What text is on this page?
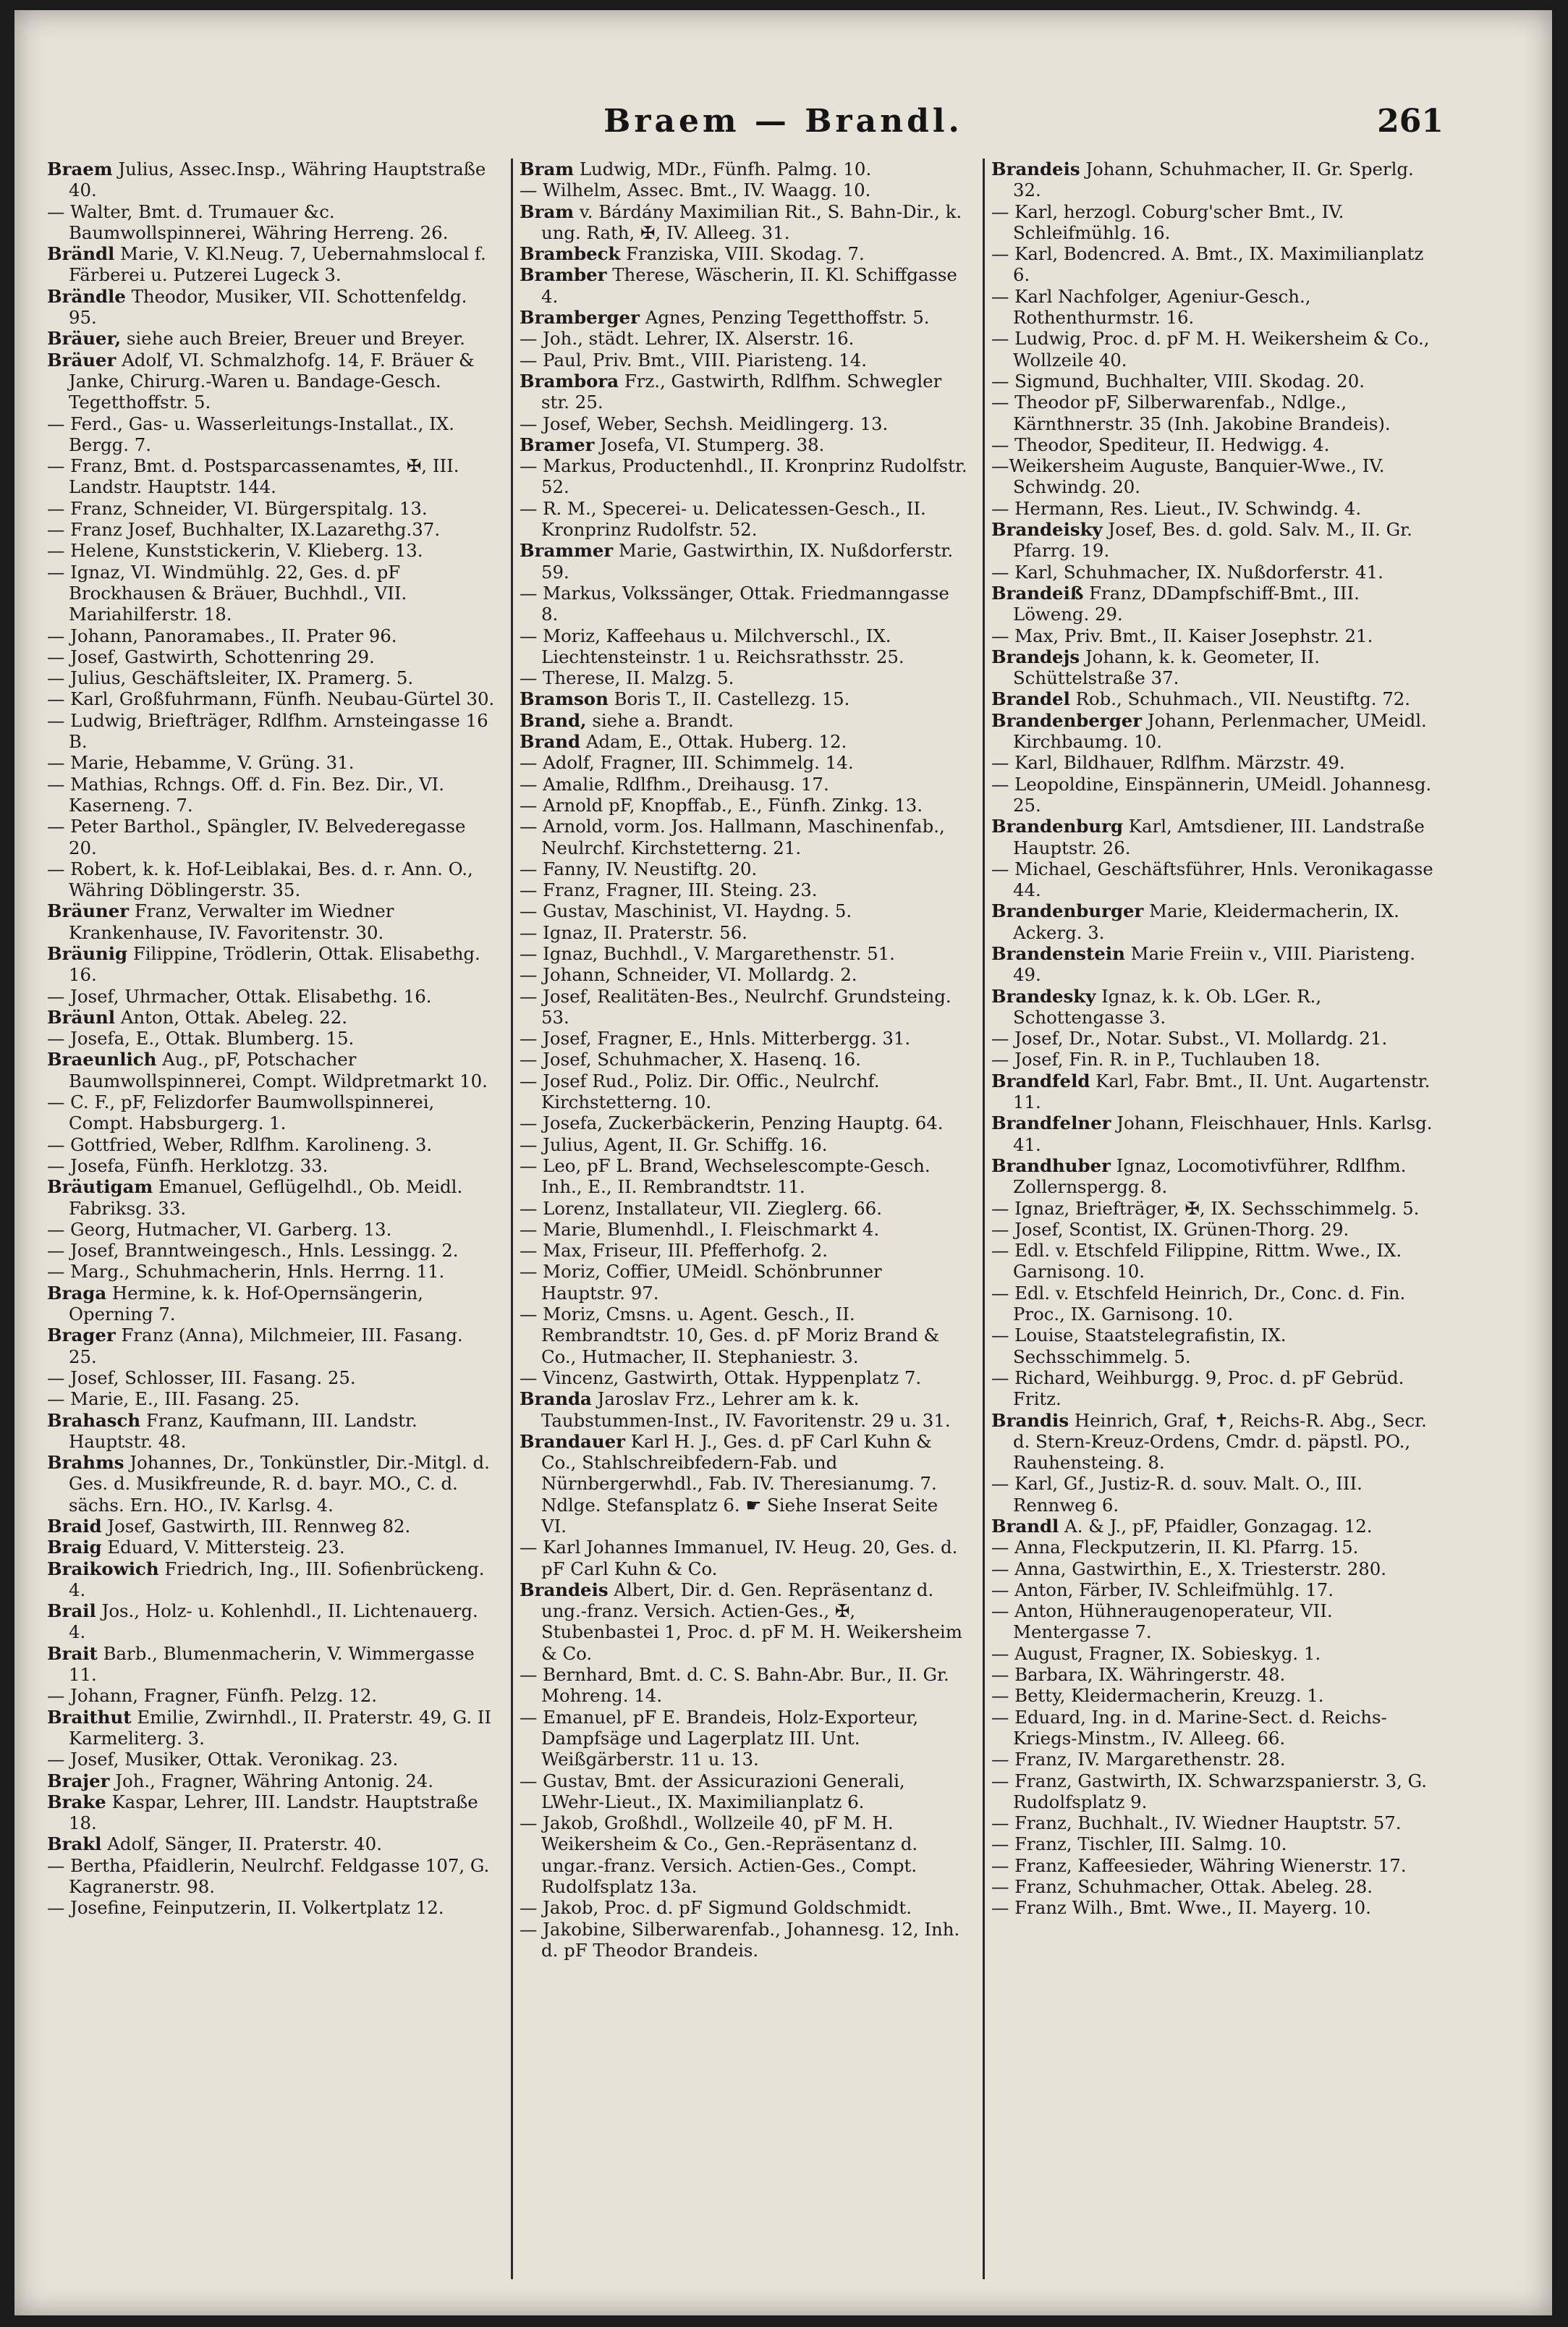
Braem — Brandl.	261

Braem Julius, Assec.Insp., Währing Hauptstraße 40.

— Walter, Bmt. d. Trumauer &c. Baumwollspinnerei, Währing Herreng. 26.

Brändl Marie, V. Kl.Neug. 7, Uebernahmslocal f. Färberei u. Putzerei Lugeck 3.

Brändle Theodor, Musiker, VII. Schottenfeldg. 95.

Bräuer, siehe auch Breier, Breuer und Breyer.

Bräuer Adolf, VI. Schmalzhofg. 14, F. Bräuer & Janke, Chirurg.-Waren u. Bandage-Gesch. Tegetthoffstr. 5.

— Ferd., Gas- u. Wasserleitungs-Installat., IX. Bergg. 7.

— Franz, Bmt. d. Postsparcassenamtes, ✠, III. Landstr. Hauptstr. 144.

— Franz, Schneider, VI. Bürgerspitalg. 13.

— Franz Josef, Buchhalter, IX.Lazarethg.37.

— Helene, Kunststickerin, V. Klieberg. 13.

— Ignaz, VI. Windmühlg. 22, Ges. d. pF Brockhausen & Bräuer, Buchhdl., VII. Mariahilferstr. 18.

— Johann, Panoramabes., II. Prater 96.

— Josef, Gastwirth, Schottenring 29.

— Julius, Geschäftsleiter, IX. Pramerg. 5.

— Karl, Großfuhrmann, Fünfh. Neubau-Gürtel 30.

— Ludwig, Briefträger, Rdlfhm. Arnsteingasse 16 B.

— Marie, Hebamme, V. Grüng. 31.

— Mathias, Rchngs. Off. d. Fin. Bez. Dir., VI. Kaserneng. 7.

— Peter Barthol., Spängler, IV. Belvederegasse 20.

— Robert, k. k. Hof-Leiblakai, Bes. d. r. Ann. O., Währing Döblingerstr. 35.

Bräuner Franz, Verwalter im Wiedner Krankenhause, IV. Favoritenstr. 30.

Bräunig Filippine, Trödlerin, Ottak. Elisabethg. 16.

— Josef, Uhrmacher, Ottak. Elisabethg. 16.

Bräunl Anton, Ottak. Abeleg. 22.

— Josefa, E., Ottak. Blumberg. 15.

Braeunlich Aug., pF, Potschacher Baumwollspinnerei, Compt. Wildpretmarkt 10.

— C. F., pF, Felizdorfer Baumwollspinnerei, Compt. Habsburgerg. 1.

— Gottfried, Weber, Rdlfhm. Karolineng. 3.

— Josefa, Fünfh. Herklotzg. 33.

Bräutigam Emanuel, Geflügelhdl., Ob. Meidl. Fabriksg. 33.

— Georg, Hutmacher, VI. Garberg. 13.

— Josef, Branntweingesch., Hnls. Lessingg. 2.

— Marg., Schuhmacherin, Hnls. Herrng. 11.

Braga Hermine, k. k. Hof-Opernsängerin, Operning 7.

Brager Franz (Anna), Milchmeier, III. Fasang. 25.

— Josef, Schlosser, III. Fasang. 25.

— Marie, E., III. Fasang. 25.

Brahasch Franz, Kaufmann, III. Landstr. Hauptstr. 48.

Brahms Johannes, Dr., Tonkünstler, Dir.-Mitgl. d. Ges. d. Musikfreunde, R. d. bayr. MO., C. d. sächs. Ern. HO., IV. Karlsg. 4.

Braid Josef, Gastwirth, III. Rennweg 82.

Braig Eduard, V. Mittersteig. 23.

Braikowich Friedrich, Ing., III. Sofienbrückeng. 4.

Brail Jos., Holz- u. Kohlenhdl., II. Lichtenauerg. 4.

Brait Barb., Blumenmacherin, V. Wimmergasse 11.

— Johann, Fragner, Fünfh. Pelzg. 12.

Braithut Emilie, Zwirnhdl., II. Praterstr. 49, G. II Karmeliterg. 3.

— Josef, Musiker, Ottak. Veronikag. 23.

Brajer Joh., Fragner, Währing Antonig. 24.

Brake Kaspar, Lehrer, III. Landstr. Hauptstraße 18.

Brakl Adolf, Sänger, II. Praterstr. 40.

— Bertha, Pfaidlerin, Neulrchf. Feldgasse 107, G. Kagranerstr. 98.

— Josefine, Feinputzerin, II. Volkertplatz 12.

Bram Ludwig, MDr., Fünfh. Palmg. 10.

— Wilhelm, Assec. Bmt., IV. Waagg. 10.

Bram v. Bárdány Maximilian Rit., S. Bahn-Dir., k. ung. Rath, ✠, IV. Alleeg. 31.

Brambeck Franziska, VIII. Skodag. 7.

Bramber Therese, Wäscherin, II. Kl. Schiffgasse 4.

Bramberger Agnes, Penzing Tegetthoffstr. 5.

— Joh., städt. Lehrer, IX. Alserstr. 16.

— Paul, Priv. Bmt., VIII. Piaristeng. 14.

Brambora Frz., Gastwirth, Rdlfhm. Schwegler str. 25.

— Josef, Weber, Sechsh. Meidlingerg. 13.

Bramer Josefa, VI. Stumperg. 38.

— Markus, Productenhdl., II. Kronprinz Rudolfstr. 52.

— R. M., Specerei- u. Delicatessen-Gesch., II. Kronprinz Rudolfstr. 52.

Brammer Marie, Gastwirthin, IX. Nußdorferstr. 59.

— Markus, Volkssänger, Ottak. Friedmanngasse 8.

— Moriz, Kaffeehaus u. Milchverschl., IX. Liechtensteinstr. 1 u. Reichsrathsstr. 25.

— Therese, II. Malzg. 5.

Bramson Boris T., II. Castellezg. 15.

Brand, siehe a. Brandt.

Brand Adam, E., Ottak. Huberg. 12.

— Adolf, Fragner, III. Schimmelg. 14.

— Amalie, Rdlfhm., Dreihausg. 17.

— Arnold pF, Knopffab., E., Fünfh. Zinkg. 13.

— Arnold, vorm. Jos. Hallmann, Maschinenfab., Neulrchf. Kirchstetterng. 21.

— Fanny, IV. Neustiftg. 20.

— Franz, Fragner, III. Steing. 23.

— Gustav, Maschinist, VI. Haydng. 5.

— Ignaz, II. Praterstr. 56.

— Ignaz, Buchhdl., V. Margarethenstr. 51.

— Johann, Schneider, VI. Mollardg. 2.

— Josef, Realitäten-Bes., Neulrchf. Grundsteing. 53.

— Josef, Fragner, E., Hnls. Mitterbergg. 31.

— Josef, Schuhmacher, X. Hasenq. 16.

— Josef Rud., Poliz. Dir. Offic., Neulrchf. Kirchstetterng. 10.

— Josefa, Zuckerbäckerin, Penzing Hauptg. 64.

— Julius, Agent, II. Gr. Schiffg. 16.

— Leo, pF L. Brand, Wechselescompte-Gesch. Inh., E., II. Rembrandtstr. 11.

— Lorenz, Installateur, VII. Zieglerg. 66.

— Marie, Blumenhdl., I. Fleischmarkt 4.

— Max, Friseur, III. Pfefferhofg. 2.

— Moriz, Coffier, UMeidl. Schönbrunner Hauptstr. 97.

— Moriz, Cmsns. u. Agent. Gesch., II. Rembrandtstr. 10, Ges. d. pF Moriz Brand & Co., Hutmacher, II. Stephaniestr. 3.

— Vincenz, Gastwirth, Ottak. Hyppenplatz 7.

Branda Jaroslav Frz., Lehrer am k. k. Taubstummen-Inst., IV. Favoritenstr. 29 u. 31.

Brandauer Karl H. J., Ges. d. pF Carl Kuhn & Co., Stahlschreibfedern-Fab. und Nürnbergerwhdl., Fab. IV. Theresianumg. 7. Ndlge. Stefansplatz 6. ☛ Siehe Inserat Seite VI.

— Karl Johannes Immanuel, IV. Heug. 20, Ges. d. pF Carl Kuhn & Co.

Brandeis Albert, Dir. d. Gen. Repräsentanz d. ung.-franz. Versich. Actien-Ges., ✠, Stubenbastei 1, Proc. d. pF M. H. Weikersheim & Co.

— Bernhard, Bmt. d. C. S. Bahn-Abr. Bur., II. Gr. Mohreng. 14.

— Emanuel, pF E. Brandeis, Holz-Exporteur, Dampfsäge und Lagerplatz III. Unt. Weißgärberstr. 11 u. 13.

— Gustav, Bmt. der Assicurazioni Generali, LWehr-Lieut., IX. Maximilianplatz 6.

— Jakob, Großhdl., Wollzeile 40, pF M. H. Weikersheim & Co., Gen.-Repräsentanz d. ungar.-franz. Versich. Actien-Ges., Compt. Rudolfsplatz 13a.

— Jakob, Proc. d. pF Sigmund Goldschmidt.

— Jakobine, Silberwarenfab., Johannesg. 12, Inh. d. pF Theodor Brandeis.

Brandeis Johann, Schuhmacher, II. Gr. Sperlg. 32.

— Karl, herzogl. Coburg'scher Bmt., IV. Schleifmühlg. 16.

— Karl, Bodencred. A. Bmt., IX. Maximilianplatz 6.

— Karl Nachfolger, Ageniur-Gesch., Rothenthurmstr. 16.

— Ludwig, Proc. d. pF M. H. Weikersheim & Co., Wollzeile 40.

— Sigmund, Buchhalter, VIII. Skodag. 20.

— Theodor pF, Silberwarenfab., Ndlge., Kärnthnerstr. 35 (Inh. Jakobine Brandeis).

— Theodor, Spediteur, II. Hedwigg. 4.

—Weikersheim Auguste, Banquier-Wwe., IV. Schwindg. 20.

— Hermann, Res. Lieut., IV. Schwindg. 4.

Brandeisky Josef, Bes. d. gold. Salv. M., II. Gr. Pfarrg. 19.

— Karl, Schuhmacher, IX. Nußdorferstr. 41.

Brandeiß Franz, DDampfschiff-Bmt., III. Löweng. 29.

— Max, Priv. Bmt., II. Kaiser Josephstr. 21.

Brandejs Johann, k. k. Geometer, II. Schüttelstraße 37.

Brandel Rob., Schuhmach., VII. Neustiftg. 72.

Brandenberger Johann, Perlenmacher, UMeidl. Kirchbaumg. 10.

— Karl, Bildhauer, Rdlfhm. Märzstr. 49.

— Leopoldine, Einspännerin, UMeidl. Johannesg. 25.

Brandenburg Karl, Amtsdiener, III. Landstraße Hauptstr. 26.

— Michael, Geschäftsführer, Hnls. Veronikagasse 44.

Brandenburger Marie, Kleidermacherin, IX. Ackerg. 3.

Brandenstein Marie Freiin v., VIII. Piaristeng. 49.

Brandesky Ignaz, k. k. Ob. LGer. R., Schottengasse 3.

— Josef, Dr., Notar. Subst., VI. Mollardg. 21.

— Josef, Fin. R. in P., Tuchlauben 18.

Brandfeld Karl, Fabr. Bmt., II. Unt. Augartenstr. 11.

Brandfelner Johann, Fleischhauer, Hnls. Karlsg. 41.

Brandhuber Ignaz, Locomotivführer, Rdlfhm. Zollernspergg. 8.

— Ignaz, Briefträger, ✠, IX. Sechsschimmelg. 5.

— Josef, Scontist, IX. Grünen-Thorg. 29.

— Edl. v. Etschfeld Filippine, Rittm. Wwe., IX. Garnisong. 10.

— Edl. v. Etschfeld Heinrich, Dr., Conc. d. Fin. Proc., IX. Garnisong. 10.

— Louise, Staatstelegrafistin, IX. Sechsschimmelg. 5.

— Richard, Weihburgg. 9, Proc. d. pF Gebrüd. Fritz.

Brandis Heinrich, Graf, ✝, Reichs-R. Abg., Secr. d. Stern-Kreuz-Ordens, Cmdr. d. päpstl. PO., Rauhensteing. 8.

— Karl, Gf., Justiz-R. d. souv. Malt. O., III. Rennweg 6.

Brandl A. & J., pF, Pfaidler, Gonzagag. 12.

— Anna, Fleckputzerin, II. Kl. Pfarrg. 15.

— Anna, Gastwirthin, E., X. Triesterstr. 280.

— Anton, Färber, IV. Schleifmühlg. 17.

— Anton, Hühneraugenoperateur, VII. Mentergasse 7.

— August, Fragner, IX. Sobieskyg. 1.

— Barbara, IX. Währingerstr. 48.

— Betty, Kleidermacherin, Kreuzg. 1.

— Eduard, Ing. in d. Marine-Sect. d. Reichs-Kriegs-Minstm., IV. Alleeg. 66.

— Franz, IV. Margarethenstr. 28.

— Franz, Gastwirth, IX. Schwarzspanierstr. 3, G. Rudolfsplatz 9.

— Franz, Buchhalt., IV. Wiedner Hauptstr. 57.

— Franz, Tischler, III. Salmg. 10.

— Franz, Kaffeesieder, Währing Wienerstr. 17.

— Franz, Schuhmacher, Ottak. Abeleg. 28.

— Franz Wilh., Bmt. Wwe., II. Mayerg. 10.
